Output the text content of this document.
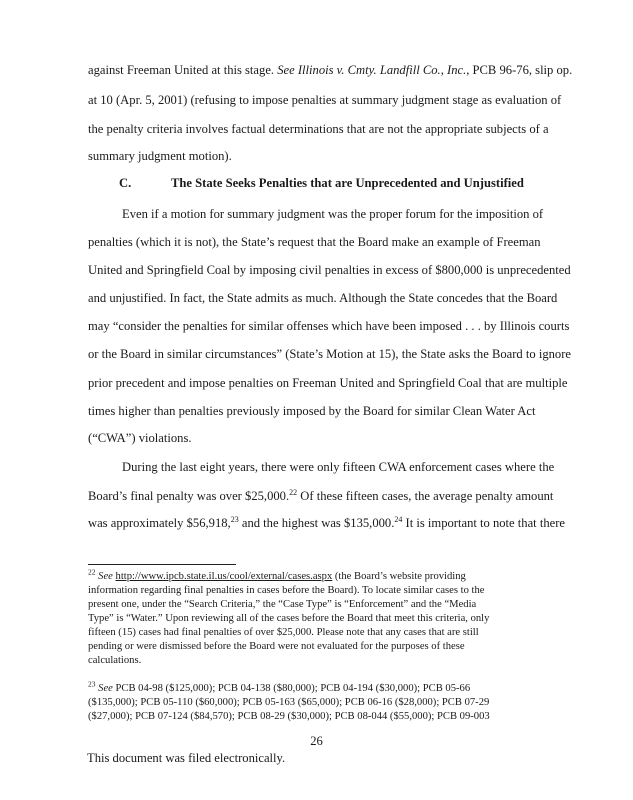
against Freeman United at this stage. See Illinois v. Cmty. Landfill Co., Inc., PCB 96-76, slip op.
at 10 (Apr. 5, 2001) (refusing to impose penalties at summary judgment stage as evaluation of
the penalty criteria involves factual determinations that are not the appropriate subjects of a
summary judgment motion).
C.	The State Seeks Penalties that are Unprecedented and Unjustified
Even if a motion for summary judgment was the proper forum for the imposition of
penalties (which it is not), the State’s request that the Board make an example of Freeman
United and Springfield Coal by imposing civil penalties in excess of $800,000 is unprecedented
and unjustified. In fact, the State admits as much. Although the State concedes that the Board
may “consider the penalties for similar offenses which have been imposed . . . by Illinois courts
or the Board in similar circumstances” (State’s Motion at 15), the State asks the Board to ignore
prior precedent and impose penalties on Freeman United and Springfield Coal that are multiple
times higher than penalties previously imposed by the Board for similar Clean Water Act
(“CWA”) violations.
During the last eight years, there were only fifteen CWA enforcement cases where the
Board’s final penalty was over $25,000.22 Of these fifteen cases, the average penalty amount
was approximately $56,918,23 and the highest was $135,000.24 It is important to note that there
$^{22}$ See http://www.ipcb.state.il.us/cool/external/cases.aspx (the Board’s website providing
information regarding final penalties in cases before the Board). To locate similar cases to the
present one, under the “Search Criteria,” the “Case Type” is “Enforcement” and the “Media
Type” is “Water.” Upon reviewing all of the cases before the Board that meet this criteria, only
fifteen (15) cases had final penalties of over $25,000. Please note that any cases that are still
pending or were dismissed before the Board were not evaluated for the purposes of these
calculations.
$^{23}$ See PCB 04-98 ($125,000); PCB 04-138 ($80,000); PCB 04-194 ($30,000); PCB 05-66
($135,000); PCB 05-110 ($60,000); PCB 05-163 ($65,000); PCB 06-16 ($28,000); PCB 07-29
($27,000); PCB 07-124 ($84,570); PCB 08-29 ($30,000); PCB 08-044 ($55,000); PCB 09-003
26
This document was filed electronically.
